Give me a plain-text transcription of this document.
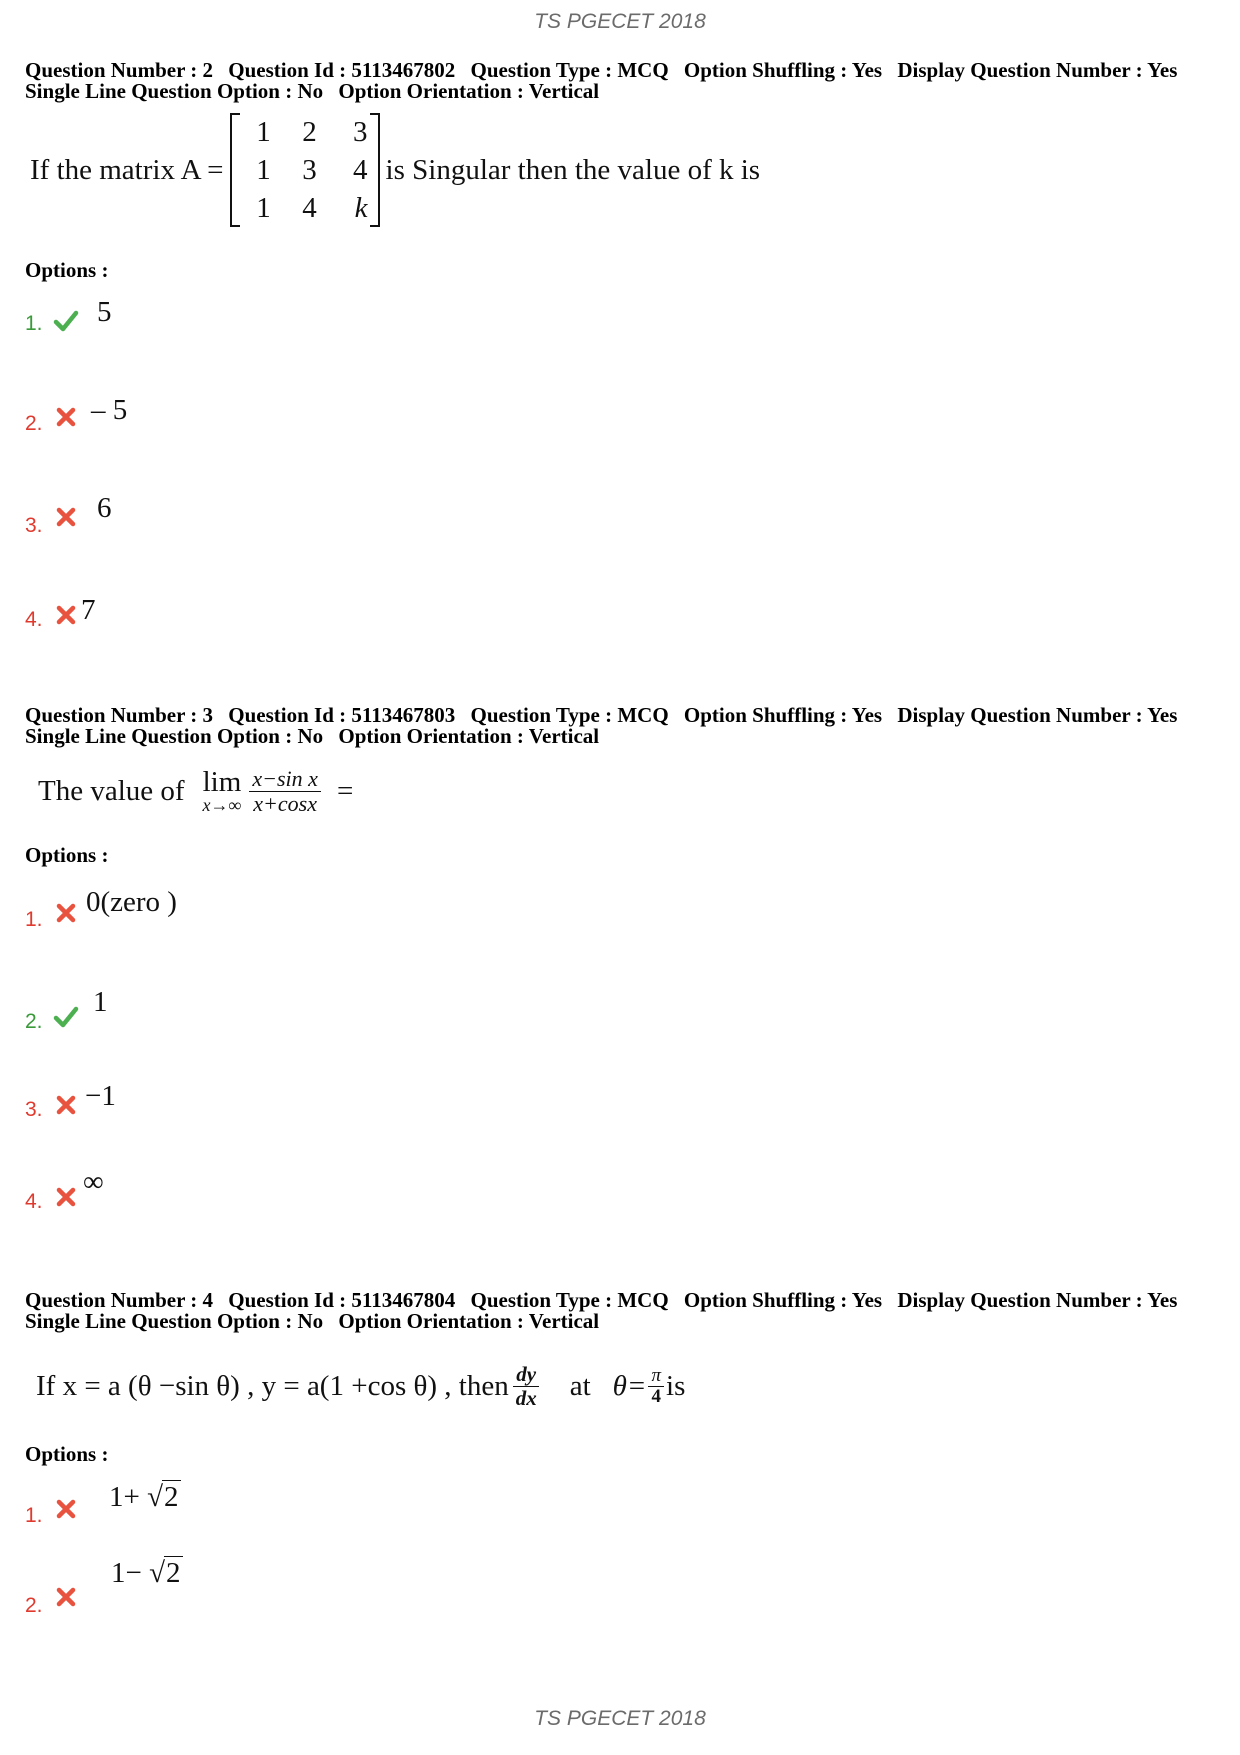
TS PGECET 2018
Question Number : 2 Question Id : 5113467802 Question Type : MCQ Option Shuffling : Yes Display Question Number : Yes
Single Line Question Option : No Option Orientation : Vertical
If the matrix A =
1	2	3
1	3	4
1	4	k
is Singular then the value of k is
Options :
1. 5
2. – 5
3.
6
4. 7
Question Number : 3 Question Id : 5113467803 Question Type : MCQ Option Shuffling : Yes Display Question Number : Yes
Single Line Question Option : No Option Orientation : Vertical
The value of lim
$x\to\infty \frac{\text{x−sin x}}{x+\cos x}$ =
Options :
1.
0(zero )
2.
1
3. −1
4.
∞
Question Number : 4 Question Id : 5113467804 Question Type : MCQ Option Shuffling : Yes Display Question Number : Yes
Single Line Question Option : No Option Orientation : Vertical
If x = a (θ −sin θ) , y = a(1 +cos θ) , then $\frac{dy}{dx}$ at $\theta= \frac{\pi}{4}$ is
Options :
1.
1+ √ 2
2.
1− √ 2
TS PGECET 2018
